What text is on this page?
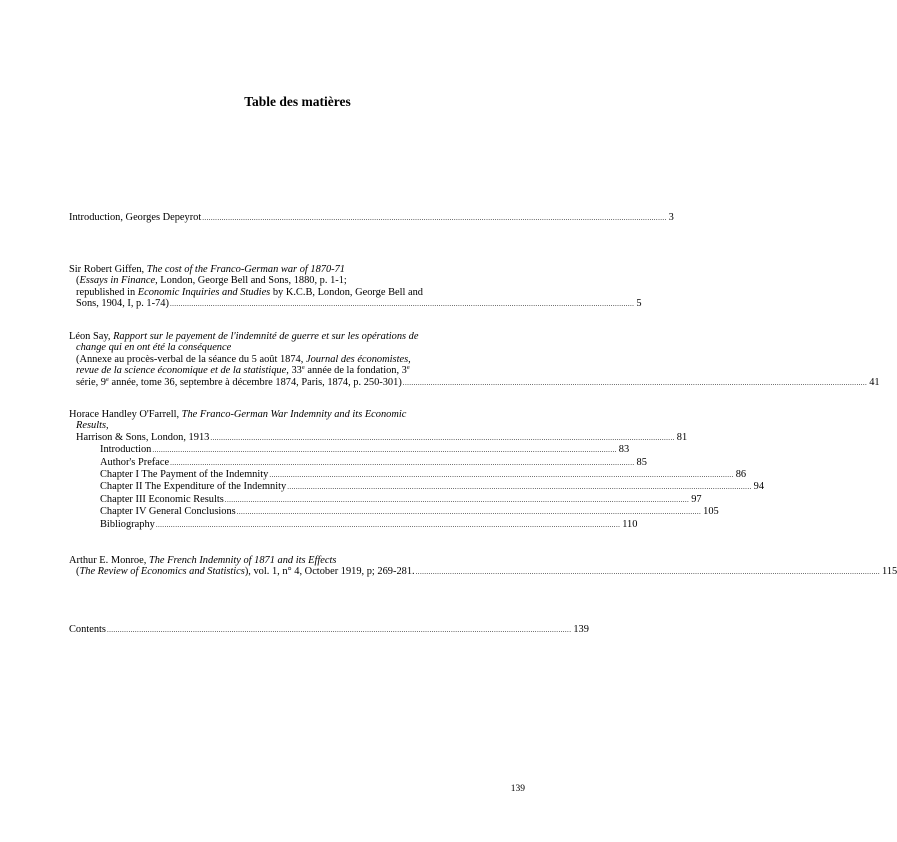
Table des matières
Introduction, Georges Depeyrot ........................................................................................................................................................................................................................ 3
Sir Robert Giffen, The cost of the Franco-German war of 1870-71
(Essays in Finance, London, George Bell and Sons, 1880, p. 1-1;
republished in Economic Inquiries and Studies by K.C.B, London, George Bell and
Sons, 1904, I, p. 1-74) ........................................................................................................................................................................................................................ 5
Léon Say, Rapport sur le payement de l'indemnité de guerre et sur les opérations de
change qui en ont été la conséquence
(Annexe au procès-verbal de la séance du 5 août 1874, Journal des économistes,
revue de la science économique et de la statistique, 33e année de la fondation, 3e
série, 9e année, tome 36, septembre à décembre 1874, Paris, 1874, p. 250-301) ........................................................................................................................................................................................................................ 41
Horace Handley O'Farrell, The Franco-German War Indemnity and its Economic
Results,
Harrison & Sons, London, 1913 ........................................................................................................................................................................................................................ 81
Introduction ........................................................................................................................................................................................................................ 83
Author's Preface ........................................................................................................................................................................................................................ 85
Chapter I The Payment of the Indemnity ........................................................................................................................................................................................................................ 86
Chapter II The Expenditure of the Indemnity ........................................................................................................................................................................................................................ 94
Chapter III Economic Results ........................................................................................................................................................................................................................ 97
Chapter IV General Conclusions ........................................................................................................................................................................................................................ 105
Bibliography ........................................................................................................................................................................................................................ 110
Arthur E. Monroe, The French Indemnity of 1871 and its Effects
(The Review of Economics and Statistics), vol. 1, n° 4, October 1919, p; 269-281. ........................................................................................................................................................................................................................ 115
Contents ........................................................................................................................................................................................................................ 139
139
